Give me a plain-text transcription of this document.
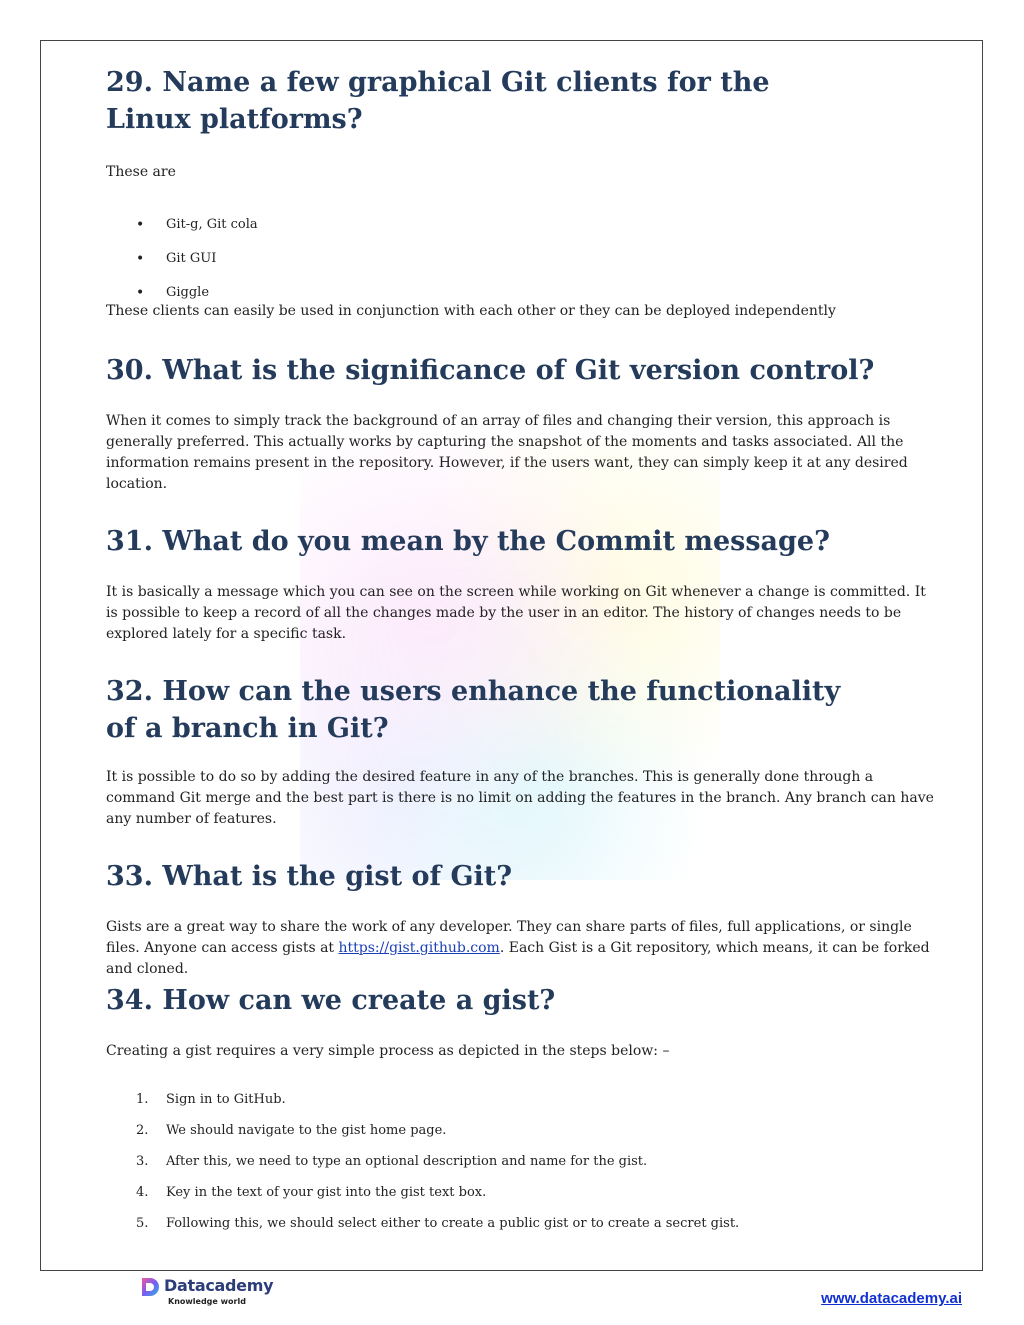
29. Name a few graphical Git clients for the Linux platforms?

These are

• Git-g, Git cola
• Git GUI
• Giggle

These clients can easily be used in conjunction with each other or they can be deployed independently

30. What is the significance of Git version control?

When it comes to simply track the background of an array of files and changing their version, this approach is generally preferred. This actually works by capturing the snapshot of the moments and tasks associated. All the information remains present in the repository. However, if the users want, they can simply keep it at any desired location.

31. What do you mean by the Commit message?

It is basically a message which you can see on the screen while working on Git whenever a change is committed. It is possible to keep a record of all the changes made by the user in an editor. The history of changes needs to be explored lately for a specific task.

32. How can the users enhance the functionality of a branch in Git?

It is possible to do so by adding the desired feature in any of the branches. This is generally done through a command Git merge and the best part is there is no limit on adding the features in the branch. Any branch can have any number of features.

33. What is the gist of Git?

Gists are a great way to share the work of any developer. They can share parts of files, full applications, or single files. Anyone can access gists at https://gist.github.com. Each Gist is a Git repository, which means, it can be forked and cloned.

34. How can we create a gist?

Creating a gist requires a very simple process as depicted in the steps below: –

1. Sign in to GitHub.
2. We should navigate to the gist home page.
3. After this, we need to type an optional description and name for the gist.
4. Key in the text of your gist into the gist text box.
5. Following this, we should select either to create a public gist or to create a secret gist.
Datacademy
Knowledge world	www.datacademy.ai
